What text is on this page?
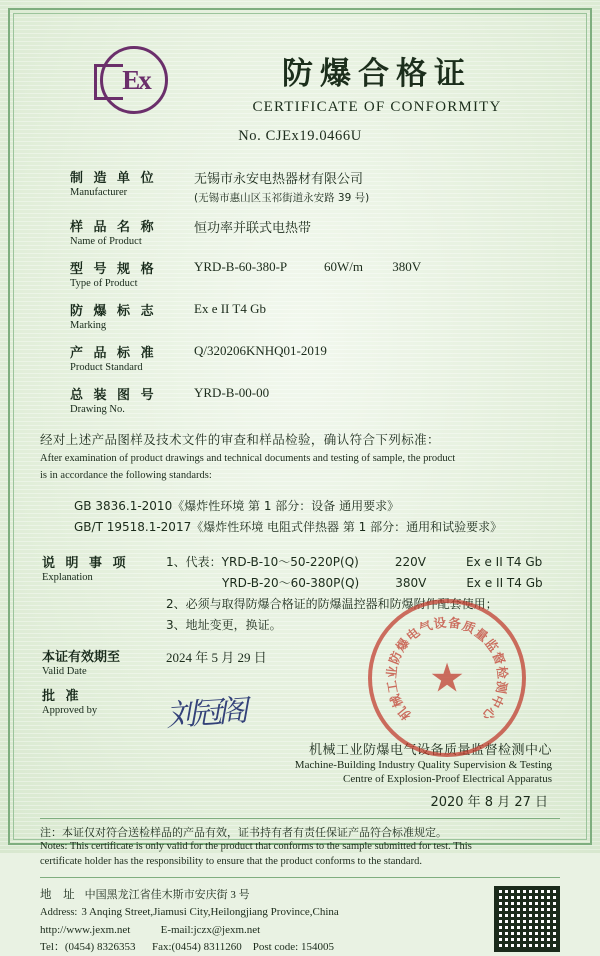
Ex	防爆合格证
CERTIFICATE OF CONFORMITY
No. CJEx19.0466U
制 造 单 位
Manufacturer
无锡市永安电热器材有限公司
(无锡市惠山区玉祁街道永安路 39 号)
样 品 名 称
Name of Product
恒功率并联式电热带
型 号 规 格
Type of Product
YRD-B-60-380-P	60W/m 380V
防 爆 标 志
Marking
Ex e II T4 Gb
产 品 标 准
Product Standard
Q/320206KNHQ01-2019
总 装 图 号
Drawing No.
YRD-B-00-00
经对上述产品图样及技术文件的审查和样品检验，确认符合下列标准：
After examination of product drawings and technical documents and testing of sample, the product
is in accordance the following standards:
GB 3836.1-2010《爆炸性环境 第 1 部分：设备 通用要求》
GB/T 19518.1-2017《爆炸性环境 电阻式伴热器 第 1 部分：通用和试验要求》
说 明 事 项
Explanation
1、代表：YRD-B-10～50-220P(Q)	220V	Ex e II T4 Gb
YRD-B-20～60-380P(Q)	380V	Ex e II T4 Gb
2、必须与取得防爆合格证的防爆温控器和防爆附件配套使用；
3、地址变更，换证。
本证有效期至
Valid Date
2024 年 5 月 29 日
批 准
Approved by	刘冠阁
★
机
械
工
业
防
爆
电
气
设 备
质
量
监
督
检
测
中
心
机械工业防爆电气设备质量监督检测中心
Machine-Building Industry Quality Supervision & Testing
Centre of Explosion-Proof Electrical Apparatus
2020 年 8 月 27 日
注：本证仅对符合送检样品的产品有效，证书持有者有责任保证产品符合标准规定。
Notes: This certificate is only valid for the product that conforms to the sample submitted for test. This
certificate holder has the responsibility to ensure that the product conforms to the standard.
地 址 中国黑龙江省佳木斯市安庆街 3 号
Address: 3 Anqing Street,Jiamusi City,Heilongjiang Province,China
http://www.jexm.net	E-mail:jczx@jexm.net
Tel：(0454) 8326353 Fax:(0454) 8311260 Post code: 154005
